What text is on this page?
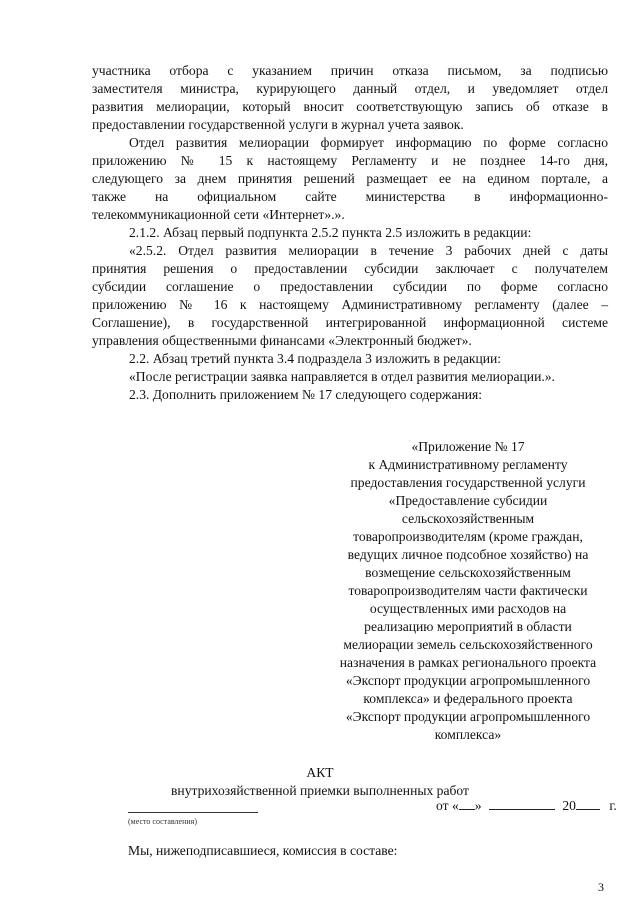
участника отбора с указанием причин отказа письмом, за подписью
заместителя министра, курирующего данный отдел, и уведомляет отдел
развития мелиорации, который вносит соответствующую запись об отказе в
предоставлении государственной услуги в журнал учета заявок.
Отдел развития мелиорации формирует информацию по форме согласно
приложению № 15 к настоящему Регламенту и не позднее 14-го дня,
следующего за днем принятия решений размещает ее на едином портале, а
также на официальном сайте министерства в информационно-
телекоммуникационной сети «Интернет».».
2.1.2. Абзац первый подпункта 2.5.2 пункта 2.5 изложить в редакции:
«2.5.2. Отдел развития мелиорации в течение 3 рабочих дней с даты
принятия решения о предоставлении субсидии заключает с получателем
субсидии соглашение о предоставлении субсидии по форме согласно
приложению № 16 к настоящему Административному регламенту (далее –
Соглашение), в государственной интегрированной информационной системе
управления общественными финансами «Электронный бюджет».
2.2. Абзац третий пункта 3.4 подраздела 3 изложить в редакции:
«После регистрации заявка направляется в отдел развития мелиорации.».
2.3. Дополнить приложением № 17 следующего содержания:
«Приложение № 17
к Административному регламенту
предоставления государственной услуги
«Предоставление субсидии
сельскохозяйственным
товаропроизводителям (кроме граждан,
ведущих личное подсобное хозяйство) на
возмещение сельскохозяйственным
товаропроизводителям части фактически
осуществленных ими расходов на
реализацию мероприятий в области
мелиорации земель сельскохозяйственного
назначения в рамках регионального проекта
«Экспорт продукции агропромышленного
комплекса» и федерального проекта
«Экспорт продукции агропромышленного
комплекса»
АКТ
внутрихозяйственной приемки выполненных работ
(место составления)
от « »	20 г.
Мы, нижеподписавшиеся, комиссия в составе:
3
